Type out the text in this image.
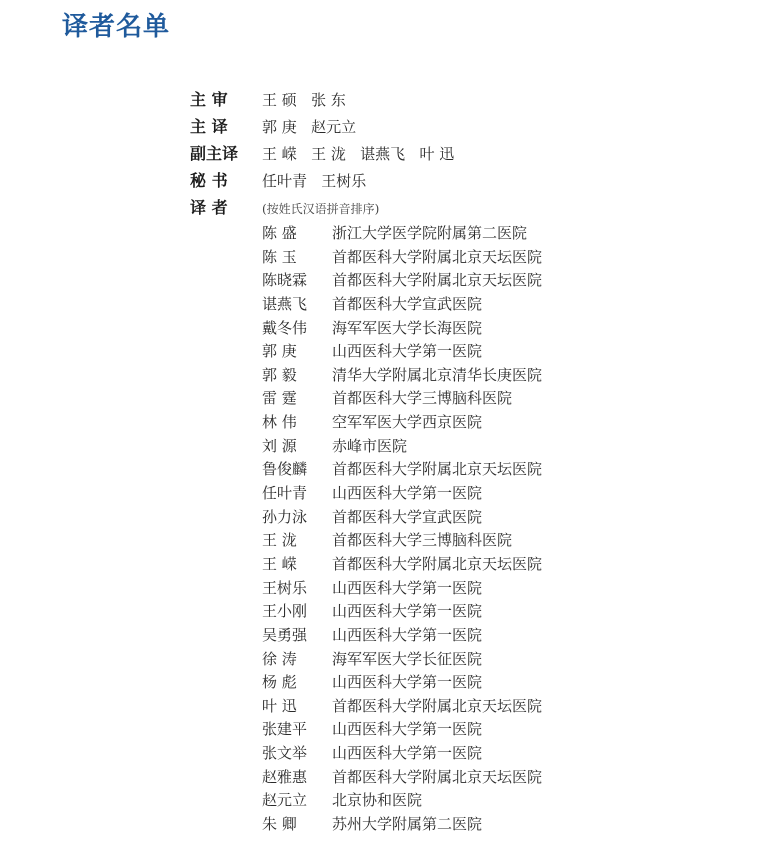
译者名单
主 审	王 硕   张 东
主 译	郭 庚   赵元立
副主译	王 嵘   王 泷   谌燕飞   叶 迅
秘 书	任叶青   王树乐
译 者	(按姓氏汉语拼音排序)
陈 盛	浙江大学医学院附属第二医院
陈 玉	首都医科大学附属北京天坛医院
陈晓霖	首都医科大学附属北京天坛医院
谌燕飞	首都医科大学宣武医院
戴冬伟	海军军医大学长海医院
郭 庚	山西医科大学第一医院
郭 毅	清华大学附属北京清华长庚医院
雷 霆	首都医科大学三博脑科医院
林 伟	空军军医大学西京医院
刘 源	赤峰市医院
鲁俊麟	首都医科大学附属北京天坛医院
任叶青	山西医科大学第一医院
孙力泳	首都医科大学宣武医院
王 泷	首都医科大学三博脑科医院
王 嵘	首都医科大学附属北京天坛医院
王树乐	山西医科大学第一医院
王小刚	山西医科大学第一医院
吴勇强	山西医科大学第一医院
徐 涛	海军军医大学长征医院
杨 彪	山西医科大学第一医院
叶 迅	首都医科大学附属北京天坛医院
张建平	山西医科大学第一医院
张文举	山西医科大学第一医院
赵雅惠	首都医科大学附属北京天坛医院
赵元立	北京协和医院
朱 卿	苏州大学附属第二医院
